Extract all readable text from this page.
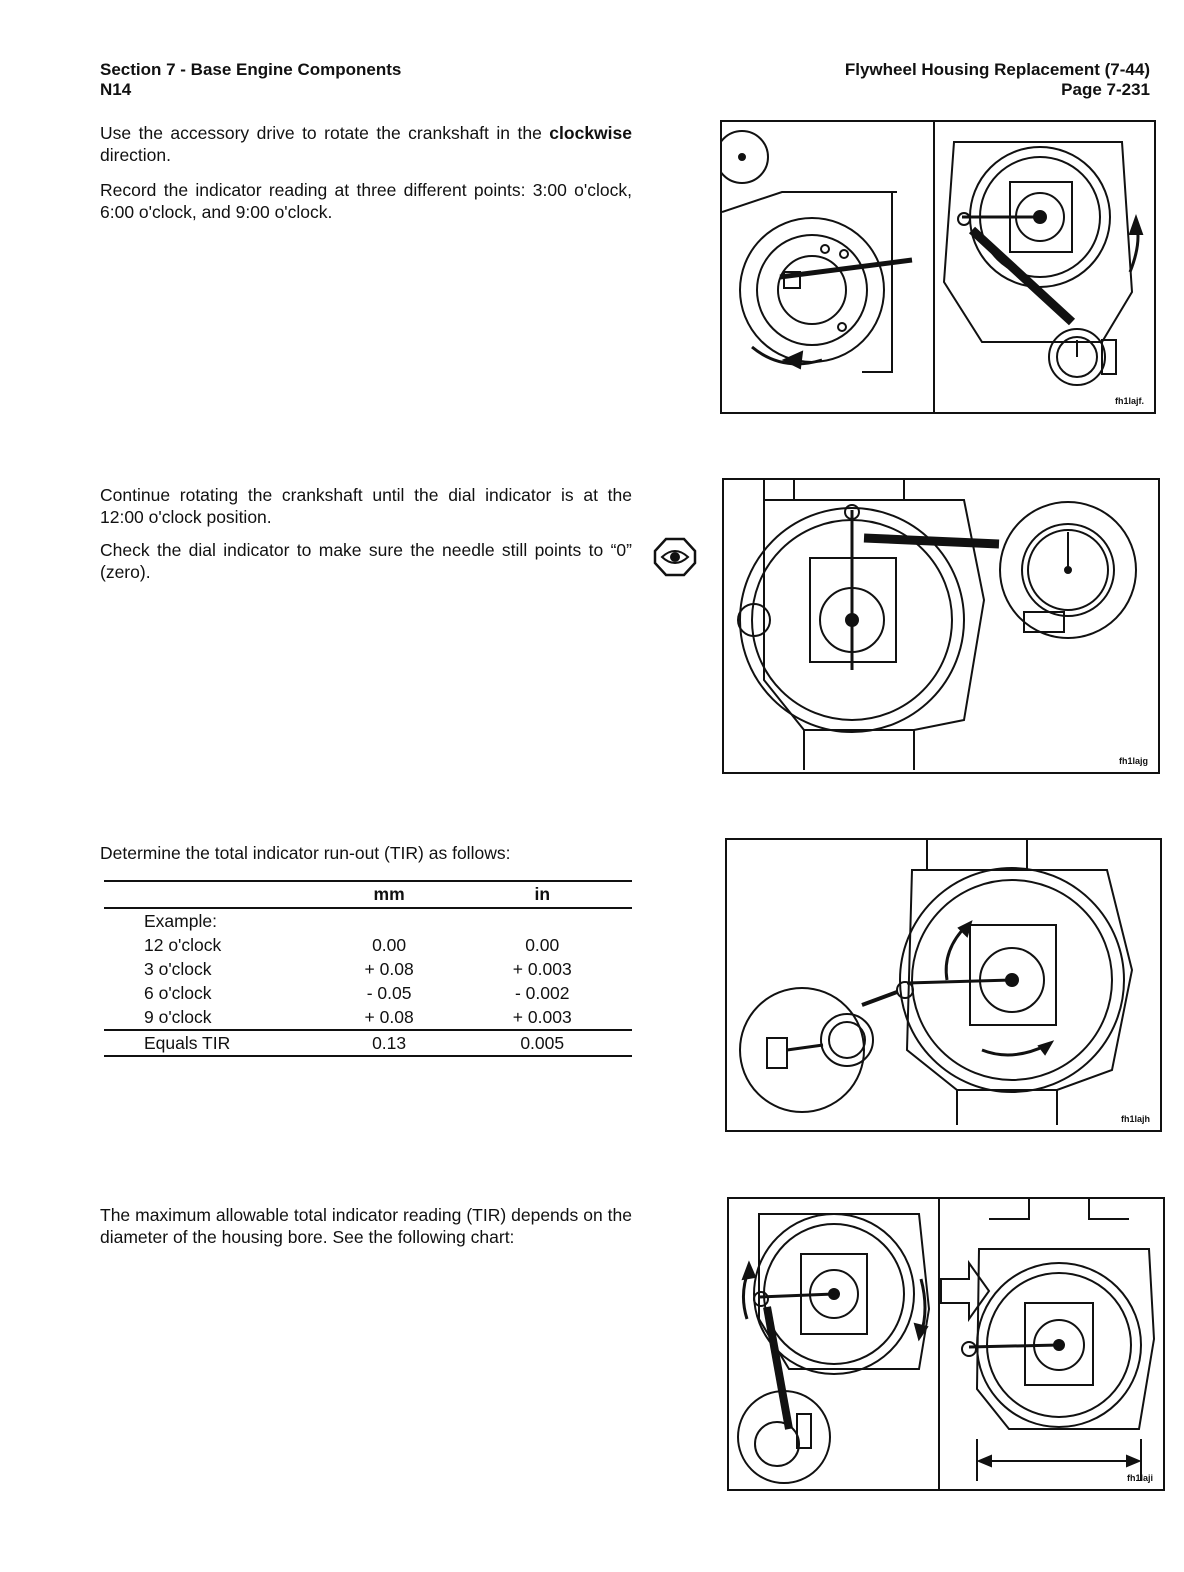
Section 7 - Base Engine Components
N14
Flywheel Housing Replacement (7-44)
Page 7-231

Use the accessory drive to rotate the crankshaft in the clockwise direction.

Record the indicator reading at three different points: 3:00 o'clock, 6:00 o'clock, and 9:00 o'clock.

fh1lajf.

Continue rotating the crankshaft until the dial indicator is at the 12:00 o'clock position.

Check the dial indicator to make sure the needle still points to “0” (zero).

fh1lajg

Determine the total indicator run-out (TIR) as follows:

	mm	in
Example:		
12 o'clock	0.00	0.00
3 o'clock	+ 0.08	+ 0.003
6 o'clock	- 0.05	- 0.002
9 o'clock	+ 0.08	+ 0.003
Equals TIR	0.13	0.005
fh1lajh

The maximum allowable total indicator reading (TIR) depends on the diameter of the housing bore. See the following chart:

fh1laji
